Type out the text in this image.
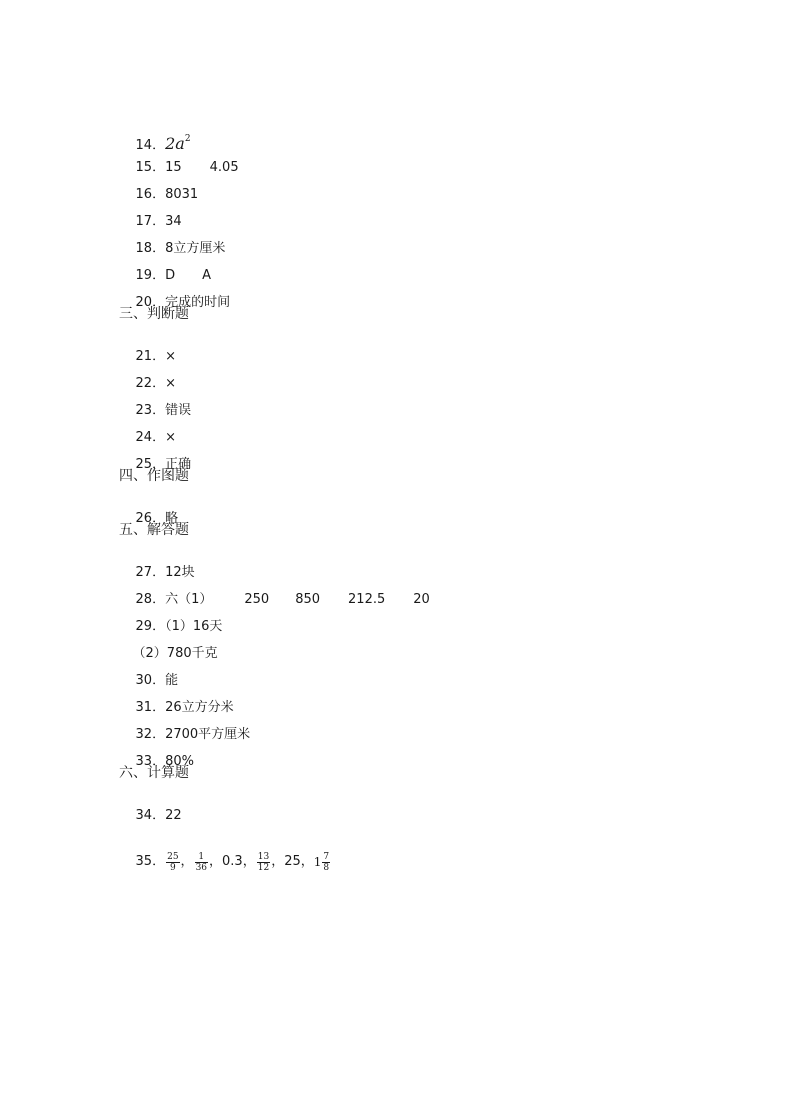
14．$2a^2$

15．15 4.05

16．8031

17．34

18．8立方厘米

19．D A

20．完成的时间

三、判断题

21．×

22．×

23．错误

24．×

25．正确

四、作图题

26．略

五、解答题

27．12块

28．六（1） 250 850 212.5 20

29．（1）16天

（2）780千克

30．能

31．26立方分米

32．2700平方厘米

33．80%

六、计算题

34．22

35． $\frac{25}{9}$ ， $\frac{1}{36}$ ，0.3， $\frac{13}{12}$ ，25，$1 \frac{7}{8}$
